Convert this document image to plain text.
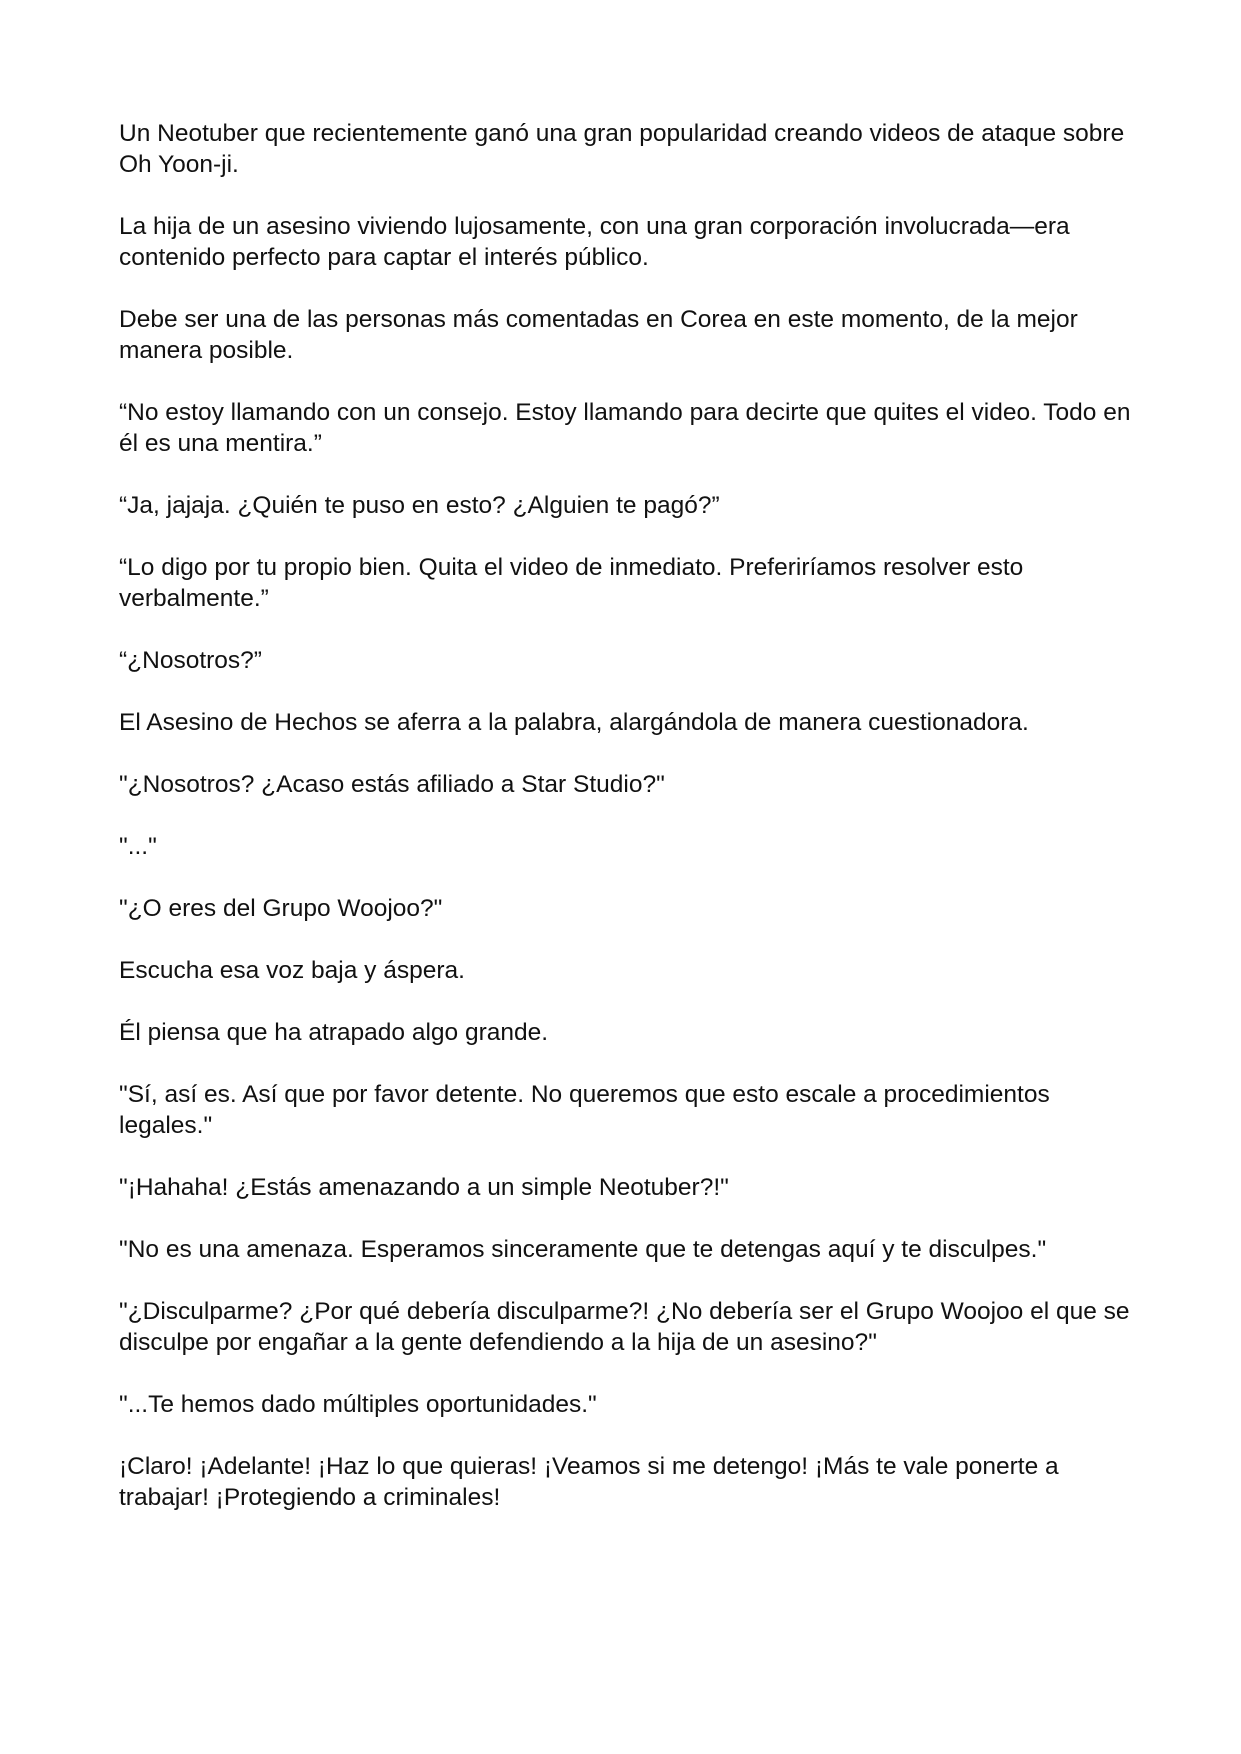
Un Neotuber que recientemente ganó una gran popularidad creando videos de ataque sobre Oh Yoon-ji.

La hija de un asesino viviendo lujosamente, con una gran corporación involucrada—era contenido perfecto para captar el interés público.

Debe ser una de las personas más comentadas en Corea en este momento, de la mejor manera posible.

“No estoy llamando con un consejo. Estoy llamando para decirte que quites el video. Todo en él es una mentira.”

“Ja, jajaja. ¿Quién te puso en esto? ¿Alguien te pagó?”

“Lo digo por tu propio bien. Quita el video de inmediato. Preferiríamos resolver esto verbalmente.”

“¿Nosotros?”

El Asesino de Hechos se aferra a la palabra, alargándola de manera cuestionadora.

"¿Nosotros? ¿Acaso estás afiliado a Star Studio?"

"..."

"¿O eres del Grupo Woojoo?"

Escucha esa voz baja y áspera.

Él piensa que ha atrapado algo grande.

"Sí, así es. Así que por favor detente. No queremos que esto escale a procedimientos legales."

"¡Hahaha! ¿Estás amenazando a un simple Neotuber?!"

"No es una amenaza. Esperamos sinceramente que te detengas aquí y te disculpes."

"¿Disculparme? ¿Por qué debería disculparme?! ¿No debería ser el Grupo Woojoo el que se disculpe por engañar a la gente defendiendo a la hija de un asesino?"

"...Te hemos dado múltiples oportunidades."

¡Claro! ¡Adelante! ¡Haz lo que quieras! ¡Veamos si me detengo! ¡Más te vale ponerte a trabajar! ¡Protegiendo a criminales!
